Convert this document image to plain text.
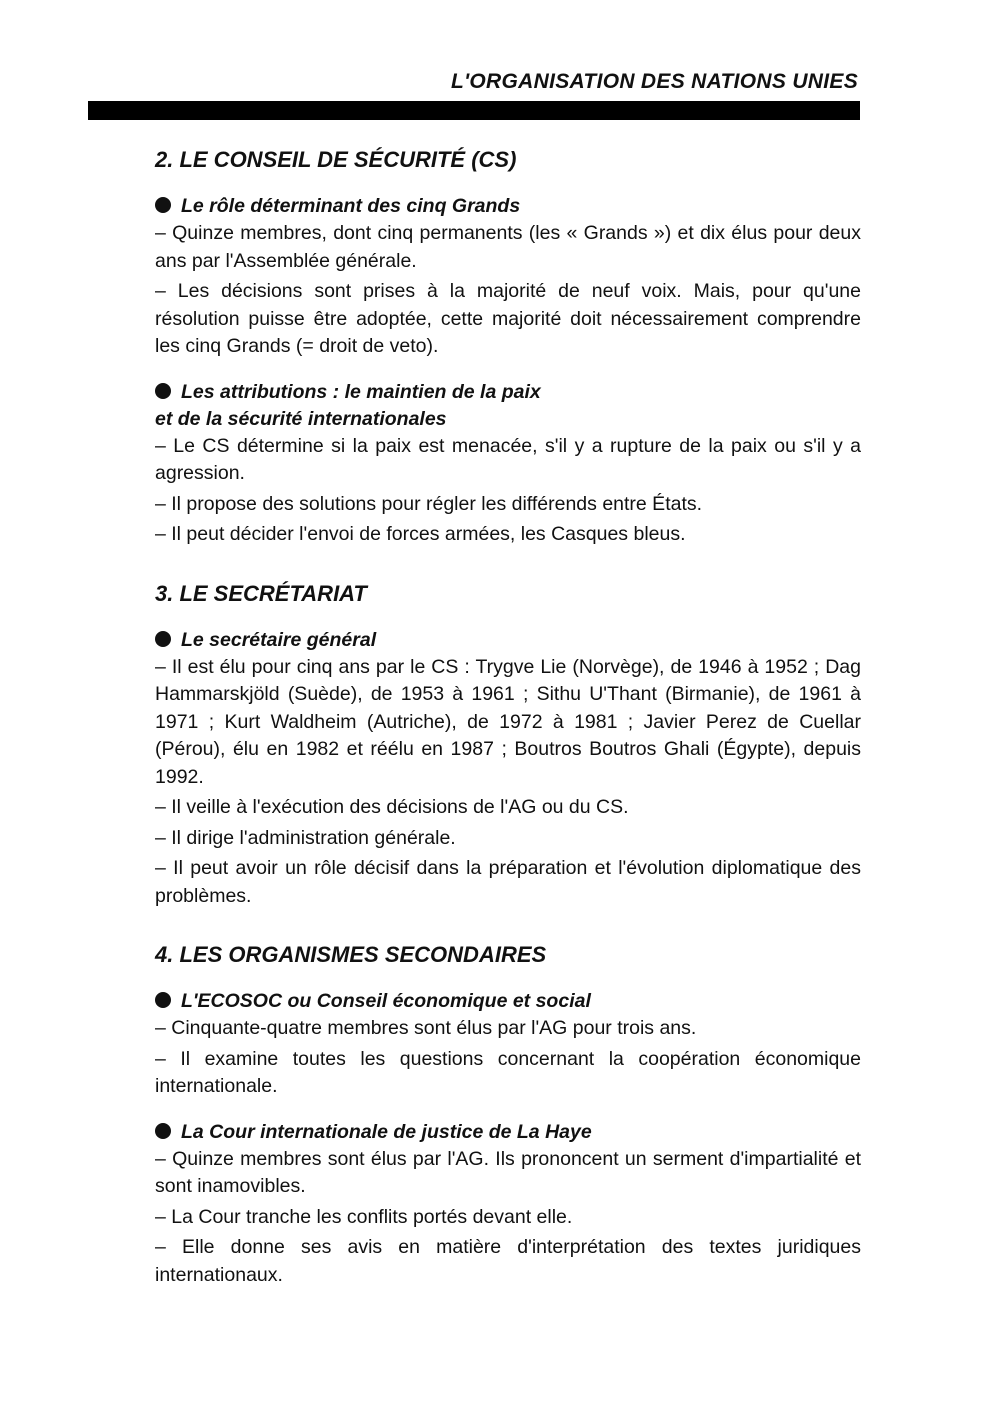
L'ORGANISATION DES NATIONS UNIES
2. LE CONSEIL DE SÉCURITÉ (CS)

Le rôle déterminant des cinq Grands

– Quinze membres, dont cinq permanents (les « Grands ») et dix élus pour deux ans par l'Assemblée générale.

– Les décisions sont prises à la majorité de neuf voix. Mais, pour qu'une résolution puisse être adoptée, cette majorité doit nécessairement comprendre les cinq Grands (= droit de veto).

Les attributions : le maintien de la paix
et de la sécurité internationales

– Le CS détermine si la paix est menacée, s'il y a rupture de la paix ou s'il y a agression.

– Il propose des solutions pour régler les différends entre États.

– Il peut décider l'envoi de forces armées, les Casques bleus.

3. LE SECRÉTARIAT

Le secrétaire général

– Il est élu pour cinq ans par le CS : Trygve Lie (Norvège), de 1946 à 1952 ; Dag Hammarskjöld (Suède), de 1953 à 1961 ; Sithu U'Thant (Birmanie), de 1961 à 1971 ; Kurt Waldheim (Autriche), de 1972 à 1981 ; Javier Perez de Cuellar (Pérou), élu en 1982 et réélu en 1987 ; Boutros Boutros Ghali (Égypte), depuis 1992.

– Il veille à l'exécution des décisions de l'AG ou du CS.

– Il dirige l'administration générale.

– Il peut avoir un rôle décisif dans la préparation et l'évolution diplomatique des problèmes.

4. LES ORGANISMES SECONDAIRES

L'ECOSOC ou Conseil économique et social

– Cinquante-quatre membres sont élus par l'AG pour trois ans.

– Il examine toutes les questions concernant la coopération économique internationale.

La Cour internationale de justice de La Haye

– Quinze membres sont élus par l'AG. Ils prononcent un serment d'impartialité et sont inamovibles.

– La Cour tranche les conflits portés devant elle.

– Elle donne ses avis en matière d'interprétation des textes juridiques internationaux.
